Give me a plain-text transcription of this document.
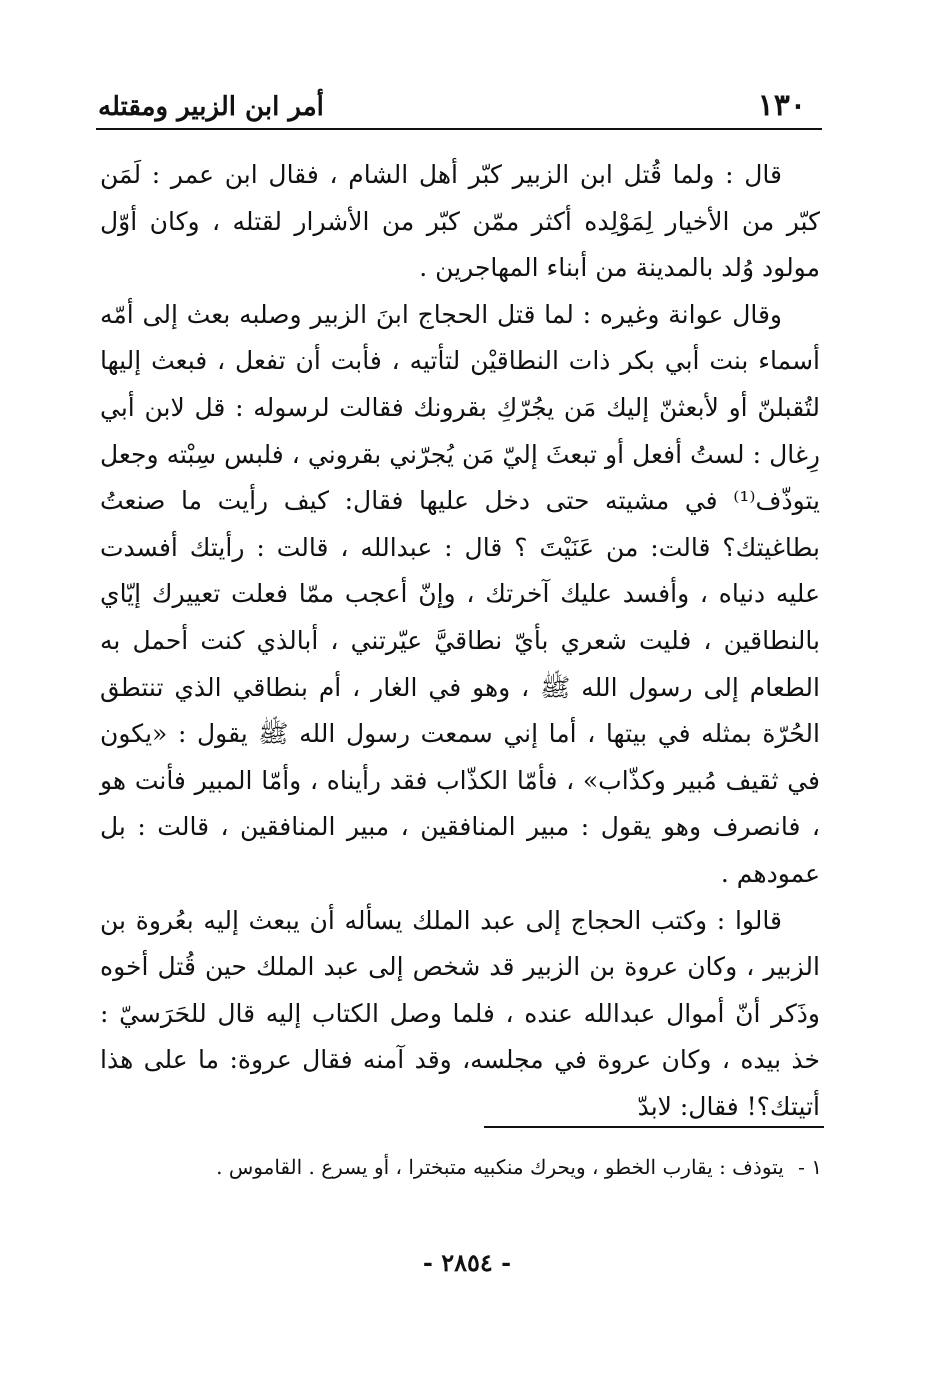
١٣٠
أمر ابن الزبير ومقتله

قال : ولما قُتل ابن الزبير كبّر أهل الشام ، فقال ابن عمر : لَمَن كبّر من الأخيار لِمَوْلِده أكثر ممّن كبّر من الأشرار لقتله ، وكان أوّل مولود وُلد بالمدينة من أبناء المهاجرين .

وقال عوانة وغيره : لما قتل الحجاج ابنَ الزبير وصلبه بعث إلى أمّه أسماء بنت أبي بكر ذات النطاقيْن لتأتيه ، فأبت أن تفعل ، فبعث إليها لتُقبلنّ أو لأبعثنّ إليك مَن يجُرّكِ بقرونك فقالت لرسوله : قل لابن أبي رِغال : لستُ أفعل أو تبعثَ إليّ مَن يُجرّني بقروني ، فلبس سِبْته وجعل يتوذّف⁽¹⁾ في مشيته حتى دخل عليها فقال: كيف رأيت ما صنعتُ بطاغيتك؟ قالت: من عَنَيْتَ ؟ قال : عبدالله ، قالت : رأيتك أفسدت عليه دنياه ، وأفسد عليك آخرتك ، وإنّ أعجب ممّا فعلت تعييرك إيّاي بالنطاقين ، فليت شعري بأيّ نطاقيَّ عيّرتني ، أبالذي كنت أحمل به الطعام إلى رسول الله ﷺ ، وهو في الغار ، أم بنطاقي الذي تنتطق الحُرّة بمثله في بيتها ، أما إني سمعت رسول الله ﷺ يقول : «يكون في ثقيف مُبير وكذّاب» ، فأمّا الكذّاب فقد رأيناه ، وأمّا المبير فأنت هو ، فانصرف وهو يقول : مبير المنافقين ، مبير المنافقين ، قالت : بل عمودهم .

قالوا : وكتب الحجاج إلى عبد الملك يسأله أن يبعث إليه بعُروة بن الزبير ، وكان عروة بن الزبير قد شخص إلى عبد الملك حين قُتل أخوه وذَكر أنّ أموال عبدالله عنده ، فلما وصل الكتاب إليه قال للحَرَسيّ : خذ بيده ، وكان عروة في مجلسه، وقد آمنه فقال عروة: ما على هذا أتيتك؟! فقال: لابدّ

١ - يتوذف : يقارب الخطو ، ويحرك منكبيه متبخترا ، أو يسرع . القاموس .
- ٢٨٥٤ -
